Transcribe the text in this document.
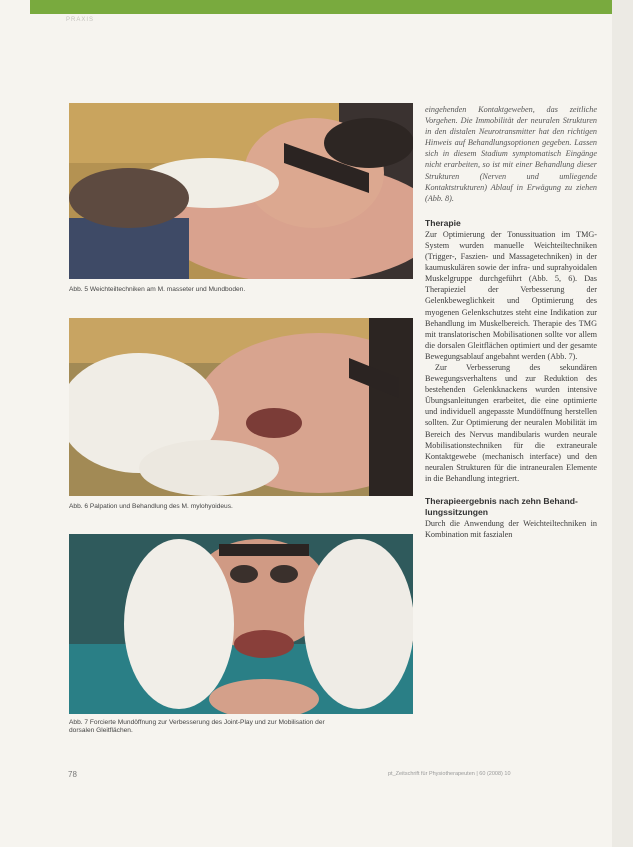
PRAXIS
Abb. 5 Weichteiltechniken am M. masseter und Mundboden.
Abb. 6 Palpation und Behandlung des M. mylohyoideus.
Abb. 7 Forcierte Mundöffnung zur Verbesserung des Joint-Play und zur Mobilisation der
dorsalen Gleitflächen.

eingehenden Kontaktgeweben, das zeitliche Vorgehen. Die Immobilität der neuralen Strukturen in den distalen Neurotransmitter hat den richtigen Hinweis auf Behandlungsoptionen gegeben. Lassen sich in diesem Stadium symptomatisch Eingänge nicht erarbeiten, so ist mit einer Behandlung dieser Strukturen (Nerven und umliegende Kontaktstrukturen) Ablauf in Erwägung zu ziehen (Abb. 8).

Therapie

Zur Optimierung der Tonussituation im TMG-System wurden manuelle Weichteiltechniken (Trigger-, Faszien- und Massagetechniken) in der kaumuskulären sowie der infra- und suprahyoidalen Muskelgruppe durchgeführt (Abb. 5, 6). Das Therapieziel der Verbesserung der Gelenkbeweglichkeit und Optimierung des myogenen Gelenkschutzes steht eine Indikation zur Behandlung im Muskelbereich. Therapie des TMG mit translatorischen Mobilisationen sollte vor allem die dorsalen Gleitflächen optimiert und der gesamte Bewegungsablauf angebahnt werden (Abb. 7).

Zur Verbesserung des sekundären Bewegungsverhaltens und zur Reduktion des bestehenden Gelenkknackens wurden intensive Übungsanleitungen erarbeitet, die eine optimierte und individuell angepasste Mundöffnung herstellen sollten. Zur Optimierung der neuralen Mobilität im Bereich des Nervus mandibularis wurden neurale Mobilisationstechniken für die extraneurale Kontaktgewebe (mechanisch interface) und den neuralen Strukturen für die intraneuralen Elemente in die Behandlung integriert.

Therapieergebnis nach zehn Behand-
lungssitzungen

Durch die Anwendung der Weichteiltechniken in Kombination mit faszialen

78	pt_Zeitschrift für Physiotherapeuten | 60 (2008) 10
